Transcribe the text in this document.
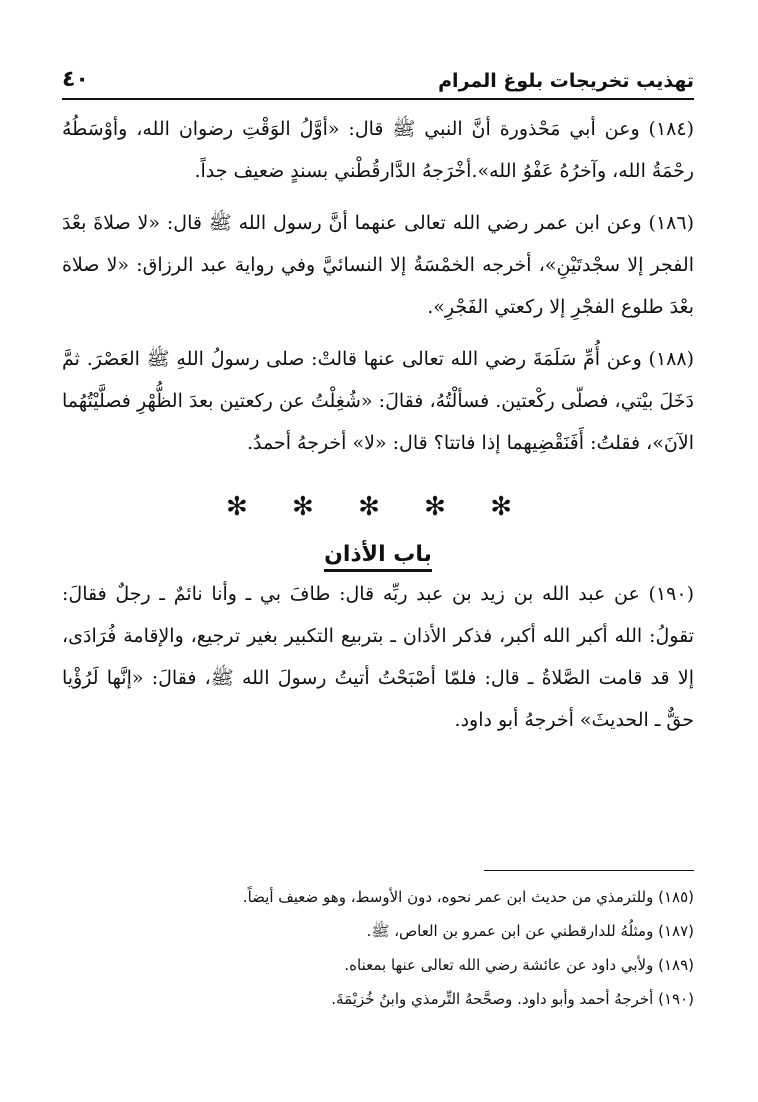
تهذيب تخريجات بلوغ المرام
٤٠

(١٨٤) وعن أبي مَحْذورة أنَّ النبي ﷺ قال: «أوَّلُ الوَقْتِ رضوان الله، وأوْسَطُهُ رحْمَةُ الله، وآخرُهُ عَفْوُ الله».أخْرَجهُ الدَّارقُطْني بسندٍ ضعيف جداً.

(١٨٦) وعن ابن عمر رضي الله تعالى عنهما أنَّ رسول الله ﷺ قال: «لا صلاةَ بعْدَ الفجر إلا سجْدتَيْنِ»، أخرجه الخمْسَةُ إلا النسائيَّ وفي رواية عبد الرزاق: «لا صلاة بعْدَ طلوع الفجْرِ إلا ركعتي الفَجْرِ».

(١٨٨) وعن أُمِّ سَلَمَةَ رضي الله تعالى عنها قالتْ: صلى رسولُ اللهِ ﷺ العَصْرَ. ثمَّ دَخَلَ بيْتي، فصلّى ركْعتين. فسألْتُهُ، فقالَ: «شُغِلْتُ عن ركعتين بعدَ الظُّهْرِ فصلَّيْتُهُما الآنَ»، فقلتُ: أَفَنَقْضِيهما إذا فاتتا؟ قال: «لا» أخرجهُ أحمدُ.

✻ ✻ ✻ ✻ ✻
باب الأذان

(١٩٠) عن عبد الله بن زيد بن عبد ربِّه قال: طافَ بي ـ وأنا نائمٌ ـ رجلٌ فقالَ: تقولُ: الله أكبر الله أكبر، فذكر الأذان ـ بتربيع التكبير بغير ترجيع، والإقامة فُرَادَى، إلا قد قامت الصَّلاةُ ـ قال: فلمّا أصْبَحْتُ أتيتُ رسولَ الله ﷺ، فقالَ: «إنَّها لَرُؤْيا حقٌّ ـ الحديثَ» أخرجهُ أبو داود.

(١٨٥) وللترمذي من حديث ابن عمر نحوه، دون الأوسط، وهو ضعيف أيضاً.

(١٨٧) ومثلُهُ للدارقطني عن ابن عمرو بن العاص، ﷺ.

(١٨٩) ولأبي داود عن عائشة رضي الله تعالى عنها بمعناه.

(١٩٠) أخرجهُ أحمد وأبو داود. وصحَّحهُ التِّرمذي وابنُ خُزيْمَةَ.
